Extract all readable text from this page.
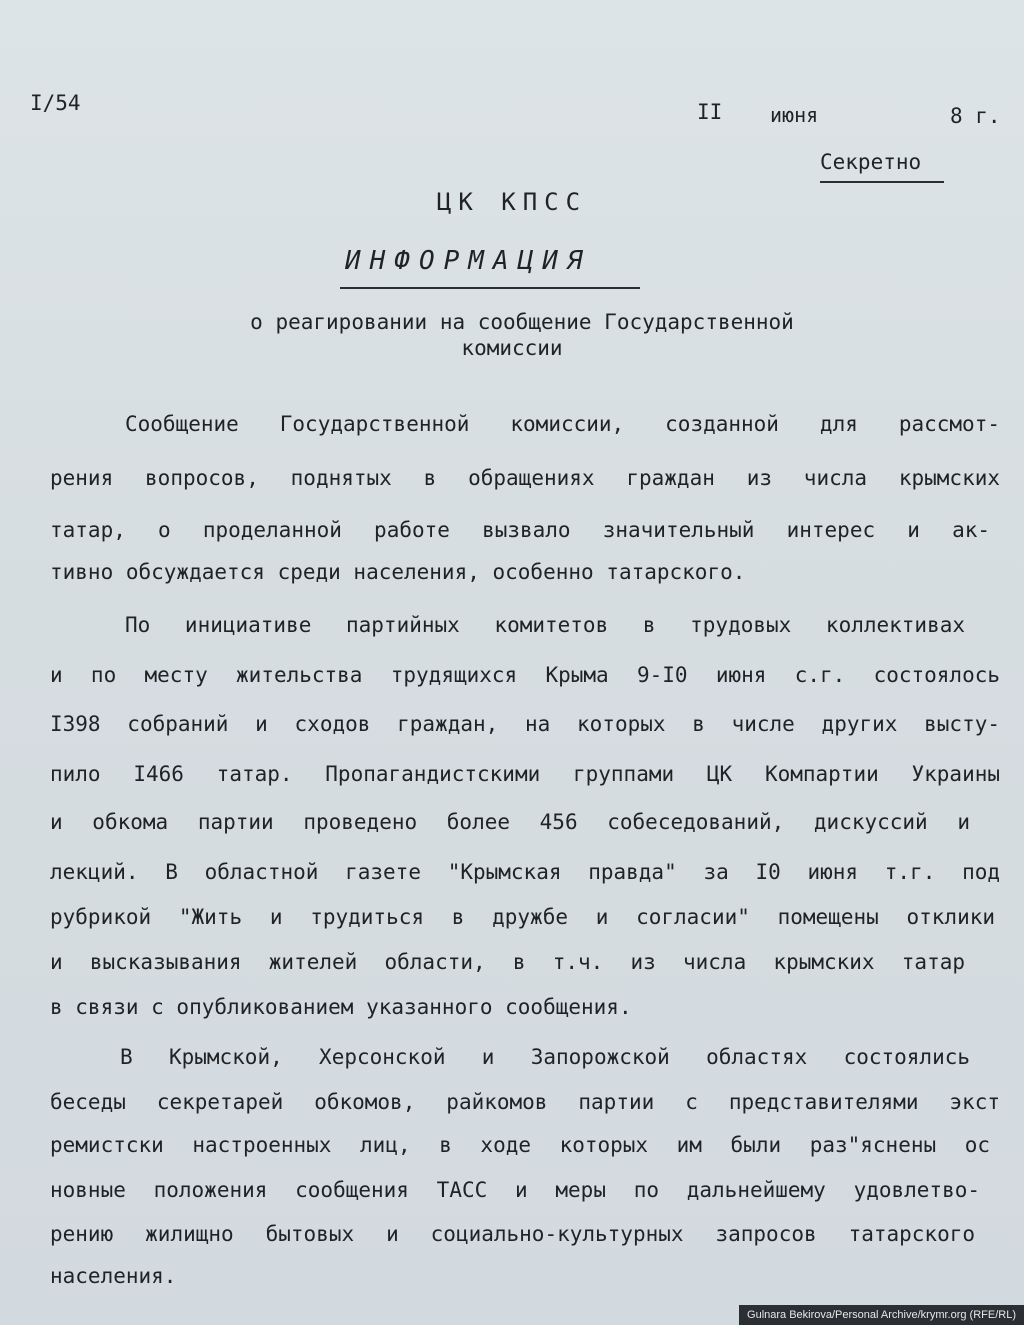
I/54	II июня	8 г.
Секретно
ЦК КПСС
ИНФОРМАЦИЯ
о реагировании на сообщение Государственной
комиссии
Сообщение Государственной комиссии, созданной для рассмот-
рения вопросов, поднятых в обращениях граждан из числа крымских
татар, о проделанной работе вызвало значительный интерес и ак-
тивно обсуждается среди населения, особенно татарского.
По инициативе партийных комитетов в трудовых коллективах
и по месту жительства трудящихся Крыма 9-I0 июня с.г. состоялось
I398 собраний и сходов граждан, на которых в числе других высту-
пило I466 татар. Пропагандистскими группами ЦК Компартии Украины
и обкома партии проведено более 456 собеседований, дискуссий и
лекций. В областной газете "Крымская правда" за I0 июня т.г. под
рубрикой "Жить и трудиться в дружбе и согласии" помещены отклики
и высказывания жителей области, в т.ч. из числа крымских татар
в связи с опубликованием указанного сообщения.
В Крымской, Херсонской и Запорожской областях состоялись
беседы секретарей обкомов, райкомов партии с представителями экст
ремистски настроенных лиц, в ходе которых им были раз"яснены ос
новные положения сообщения ТАСС и меры по дальнейшему удовлетво-
рению жилищно бытовых и социально-культурных запросов татарского
населения.
Gulnara Bekirova/Personal Archive/krymr.org (RFE/RL)
